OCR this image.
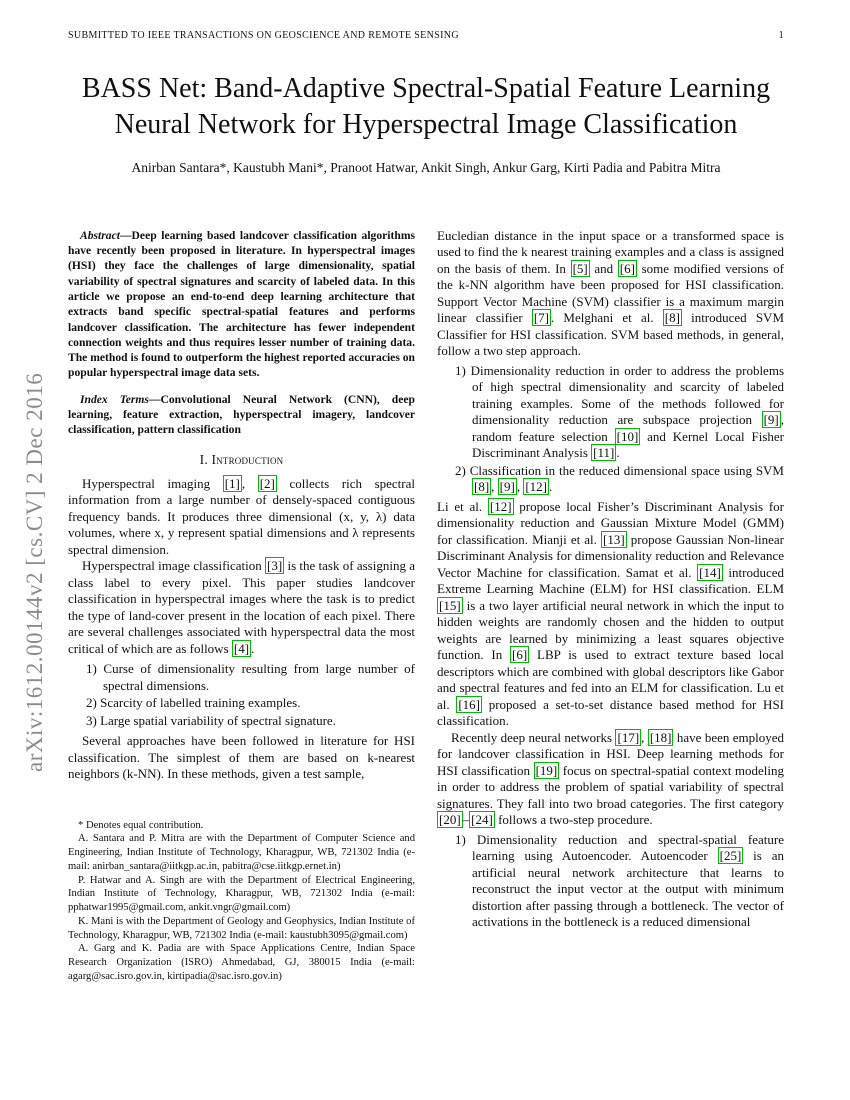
SUBMITTED TO IEEE TRANSACTIONS ON GEOSCIENCE AND REMOTE SENSING	1
arXiv:1612.00144v2 [cs.CV] 2 Dec 2016
BASS Net: Band-Adaptive Spectral-Spatial Feature Learning Neural Network for Hyperspectral Image Classification
Anirban Santara*, Kaustubh Mani*, Pranoot Hatwar, Ankit Singh, Ankur Garg, Kirti Padia and Pabitra Mitra

Abstract—Deep learning based landcover classification algorithms have recently been proposed in literature. In hyperspectral images (HSI) they face the challenges of large dimensionality, spatial variability of spectral signatures and scarcity of labeled data. In this article we propose an end-to-end deep learning architecture that extracts band specific spectral-spatial features and performs landcover classification. The architecture has fewer independent connection weights and thus requires lesser number of training data. The method is found to outperform the highest reported accuracies on popular hyperspectral image data sets.

Index Terms—Convolutional Neural Network (CNN), deep learning, feature extraction, hyperspectral imagery, landcover classification, pattern classification

I. Introduction

Hyperspectral imaging [1] , [2] collects rich spectral information from a large number of densely-spaced contiguous frequency bands. It produces three dimensional (x, y, λ) data volumes, where x, y represent spatial dimensions and λ represents spectral dimension.

Hyperspectral image classification [3] is the task of assigning a class label to every pixel. This paper studies landcover classification in hyperspectral images where the task is to predict the type of land-cover present in the location of each pixel. There are several challenges associated with hyperspectral data the most critical of which are as follows [4] .

Curse of dimensionality resulting from large number of spectral dimensions.
Scarcity of labelled training examples.
Large spatial variability of spectral signature.

Several approaches have been followed in literature for HSI classification. The simplest of them are based on k-nearest neighbors (k-NN). In these methods, given a test sample,

* Denotes equal contribution.

A. Santara and P. Mitra are with the Department of Computer Science and Engineering, Indian Institute of Technology, Kharagpur, WB, 721302 India (e-mail: anirban_santara@iitkgp.ac.in, pabitra@cse.iitkgp.ernet.in)

P. Hatwar and A. Singh are with the Department of Electrical Engineering, Indian Institute of Technology, Kharagpur, WB, 721302 India (e-mail: pphatwar1995@gmail.com, ankit.vngr@gmail.com)

K. Mani is with the Department of Geology and Geophysics, Indian Institute of Technology, Kharagpur, WB, 721302 India (e-mail: kaustubh3095@gmail.com)

A. Garg and K. Padia are with Space Applications Centre, Indian Space Research Organization (ISRO) Ahmedabad, GJ, 380015 India (e-mail: agarg@sac.isro.gov.in, kirtipadia@sac.isro.gov.in)

Eucledian distance in the input space or a transformed space is used to find the k nearest training examples and a class is assigned on the basis of them. In [5] and [6] some modified versions of the k-NN algorithm have been proposed for HSI classification. Support Vector Machine (SVM) classifier is a maximum margin linear classifier [7] . Melghani et al. [8] introduced SVM Classifier for HSI classification. SVM based methods, in general, follow a two step approach.

Dimensionality reduction in order to address the problems of high spectral dimensionality and scarcity of labeled training examples. Some of the methods followed for dimensionality reduction are subspace projection [9] , random feature selection [10] and Kernel Local Fisher Discriminant Analysis [11] .
Classification in the reduced dimensional space using SVM [8] , [9] , [12] .

Li et al. [12] propose local Fisher’s Discriminant Analysis for dimensionality reduction and Gaussian Mixture Model (GMM) for classification. Mianji et al. [13] propose Gaussian Non-linear Discriminant Analysis for dimensionality reduction and Relevance Vector Machine for classification. Samat et al. [14] introduced Extreme Learning Machine (ELM) for HSI classification. ELM [15] is a two layer artificial neural network in which the input to hidden weights are randomly chosen and the hidden to output weights are learned by minimizing a least squares objective function. In [6] LBP is used to extract texture based local descriptors which are combined with global descriptors like Gabor and spectral features and fed into an ELM for classification. Lu et al. [16] proposed a set-to-set distance based method for HSI classification.

Recently deep neural networks [17] , [18] have been employed for landcover classification in HSI. Deep learning methods for HSI classification [19] focus on spectral-spatial context modeling in order to address the problem of spatial variability of spectral signatures. They fall into two broad categories. The first category [20] – [24] follows a two-step procedure.

Dimensionality reduction and spectral-spatial feature learning using Autoencoder. Autoencoder [25] is an artificial neural network architecture that learns to reconstruct the input vector at the output with minimum distortion after passing through a bottleneck. The vector of activations in the bottleneck is a reduced dimensional
